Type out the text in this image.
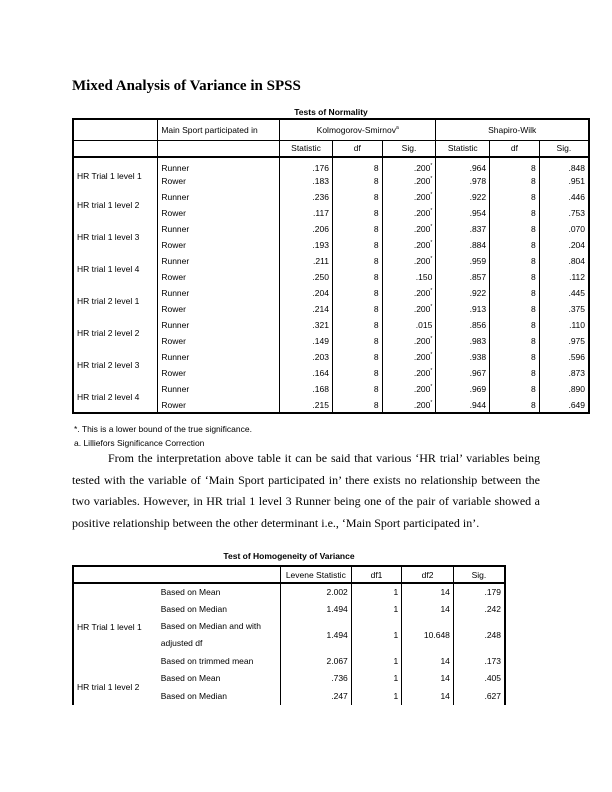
Mixed Analysis of Variance in SPSS
Tests of Normality
	Main Sport participated in	Kolmogorov-Smirnov$^a$			Shapiro-Wilk		
		Statistic	df	Sig.	Statistic	df	Sig.
HR Trial 1 level 1	Runner	.176	8	.200*	.964	8	.848
	Rower	.183	8	.200*	.978	8	.951
HR trial 1 level 2	Runner	.236	8	.200*	.922	8	.446
	Rower	.117	8	.200*	.954	8	.753
HR trial 1 level 3	Runner	.206	8	.200*	.837	8	.070
	Rower	.193	8	.200*	.884	8	.204
HR trial 1 level 4	Runner	.211	8	.200*	.959	8	.804
	Rower	.250	8	.150	.857	8	.112
HR trial 2 level 1	Runner	.204	8	.200*	.922	8	.445
	Rower	.214	8	.200*	.913	8	.375
HR trial 2 level 2	Runner	.321	8	.015	.856	8	.110
	Rower	.149	8	.200*	.983	8	.975
HR trial 2 level 3	Runner	.203	8	.200*	.938	8	.596
	Rower	.164	8	.200*	.967	8	.873
HR trial 2 level 4	Runner	.168	8	.200*	.969	8	.890
	Rower	.215	8	.200*	.944	8	.649
*. This is a lower bound of the true significance.
a. Lilliefors Significance Correction

From the interpretation above table it can be said that various ‘HR trial’ variables being tested with the variable of ‘Main Sport participated in’ there exists no relationship between the two variables. However, in HR trial 1 level 3 Runner being one of the pair of variable showed a positive relationship between the other determinant i.e., ‘Main Sport participated in’.

Test of Homogeneity of Variance
		Levene Statistic	df1	df2	Sig.
HR Trial 1 level 1	Based on Mean	2.002	1	14	.179
	Based on Median	1.494	1	14	.242
	Based on Median and with adjusted df	1.494	1	10.648	.248
	Based on trimmed mean	2.067	1	14	.173
HR trial 1 level 2	Based on Mean	.736	1	14	.405
	Based on Median	.247	1	14	.627
